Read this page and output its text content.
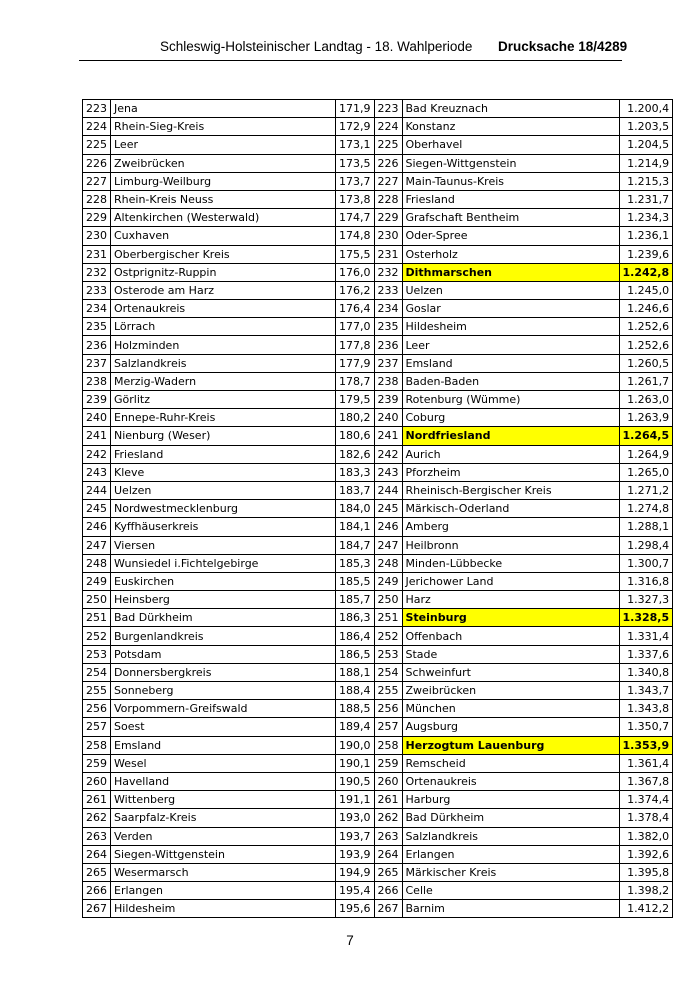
Schleswig-Holsteinischer Landtag - 18. Wahlperiode Drucksache 18/4289
223	Jena	171,9	223	Bad Kreuznach	1.200,4
224	Rhein-Sieg-Kreis	172,9	224	Konstanz	1.203,5
225	Leer	173,1	225	Oberhavel	1.204,5
226	Zweibrücken	173,5	226	Siegen-Wittgenstein	1.214,9
227	Limburg-Weilburg	173,7	227	Main-Taunus-Kreis	1.215,3
228	Rhein-Kreis Neuss	173,8	228	Friesland	1.231,7
229	Altenkirchen (Westerwald)	174,7	229	Grafschaft Bentheim	1.234,3
230	Cuxhaven	174,8	230	Oder-Spree	1.236,1
231	Oberbergischer Kreis	175,5	231	Osterholz	1.239,6
232	Ostprignitz-Ruppin	176,0	232	Dithmarschen	1.242,8
233	Osterode am Harz	176,2	233	Uelzen	1.245,0
234	Ortenaukreis	176,4	234	Goslar	1.246,6
235	Lörrach	177,0	235	Hildesheim	1.252,6
236	Holzminden	177,8	236	Leer	1.252,6
237	Salzlandkreis	177,9	237	Emsland	1.260,5
238	Merzig-Wadern	178,7	238	Baden-Baden	1.261,7
239	Görlitz	179,5	239	Rotenburg (Wümme)	1.263,0
240	Ennepe-Ruhr-Kreis	180,2	240	Coburg	1.263,9
241	Nienburg (Weser)	180,6	241	Nordfriesland	1.264,5
242	Friesland	182,6	242	Aurich	1.264,9
243	Kleve	183,3	243	Pforzheim	1.265,0
244	Uelzen	183,7	244	Rheinisch-Bergischer Kreis	1.271,2
245	Nordwestmecklenburg	184,0	245	Märkisch-Oderland	1.274,8
246	Kyffhäuserkreis	184,1	246	Amberg	1.288,1
247	Viersen	184,7	247	Heilbronn	1.298,4
248	Wunsiedel i.Fichtelgebirge	185,3	248	Minden-Lübbecke	1.300,7
249	Euskirchen	185,5	249	Jerichower Land	1.316,8
250	Heinsberg	185,7	250	Harz	1.327,3
251	Bad Dürkheim	186,3	251	Steinburg	1.328,5
252	Burgenlandkreis	186,4	252	Offenbach	1.331,4
253	Potsdam	186,5	253	Stade	1.337,6
254	Donnersbergkreis	188,1	254	Schweinfurt	1.340,8
255	Sonneberg	188,4	255	Zweibrücken	1.343,7
256	Vorpommern-Greifswald	188,5	256	München	1.343,8
257	Soest	189,4	257	Augsburg	1.350,7
258	Emsland	190,0	258	Herzogtum Lauenburg	1.353,9
259	Wesel	190,1	259	Remscheid	1.361,4
260	Havelland	190,5	260	Ortenaukreis	1.367,8
261	Wittenberg	191,1	261	Harburg	1.374,4
262	Saarpfalz-Kreis	193,0	262	Bad Dürkheim	1.378,4
263	Verden	193,7	263	Salzlandkreis	1.382,0
264	Siegen-Wittgenstein	193,9	264	Erlangen	1.392,6
265	Wesermarsch	194,9	265	Märkischer Kreis	1.395,8
266	Erlangen	195,4	266	Celle	1.398,2
267	Hildesheim	195,6	267	Barnim	1.412,2
7
